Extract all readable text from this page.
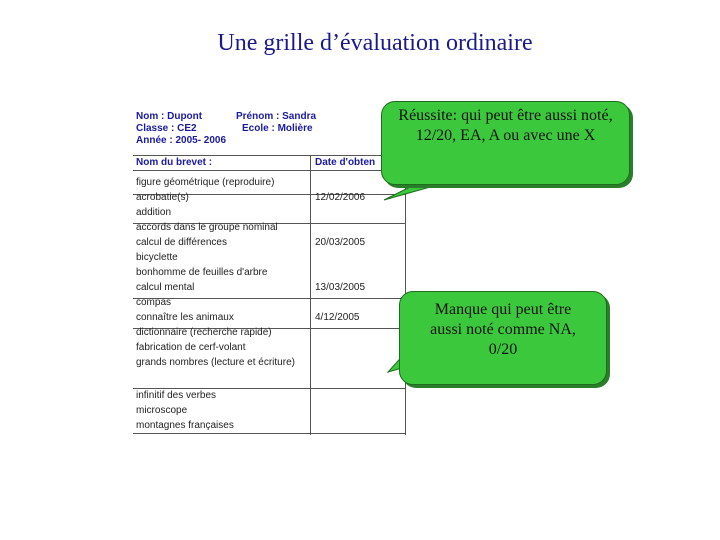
Une grille d’évaluation ordinaire
Nom : Dupont	Prénom : Sandra
Classe : CE2	Ecole : Molière
Année : 2005- 2006
Nom du brevet :	Date d'obten
figure géométrique (reproduire)
acrobatie(s)	12/02/2006
addition
accords dans le groupe nominal
calcul de différences	20/03/2005
bicyclette
bonhomme de feuilles d'arbre
calcul mental	13/03/2005
compas
connaître les animaux	4/12/2005
dictionnaire (recherche rapide)
fabrication de cerf-volant
grands nombres (lecture et écriture)
infinitif des verbes
microscope
montagnes françaises
Réussite: qui peut être aussi noté, 12/20, EA, A ou avec une X
Manque qui peut être aussi noté comme NA, 0/20
